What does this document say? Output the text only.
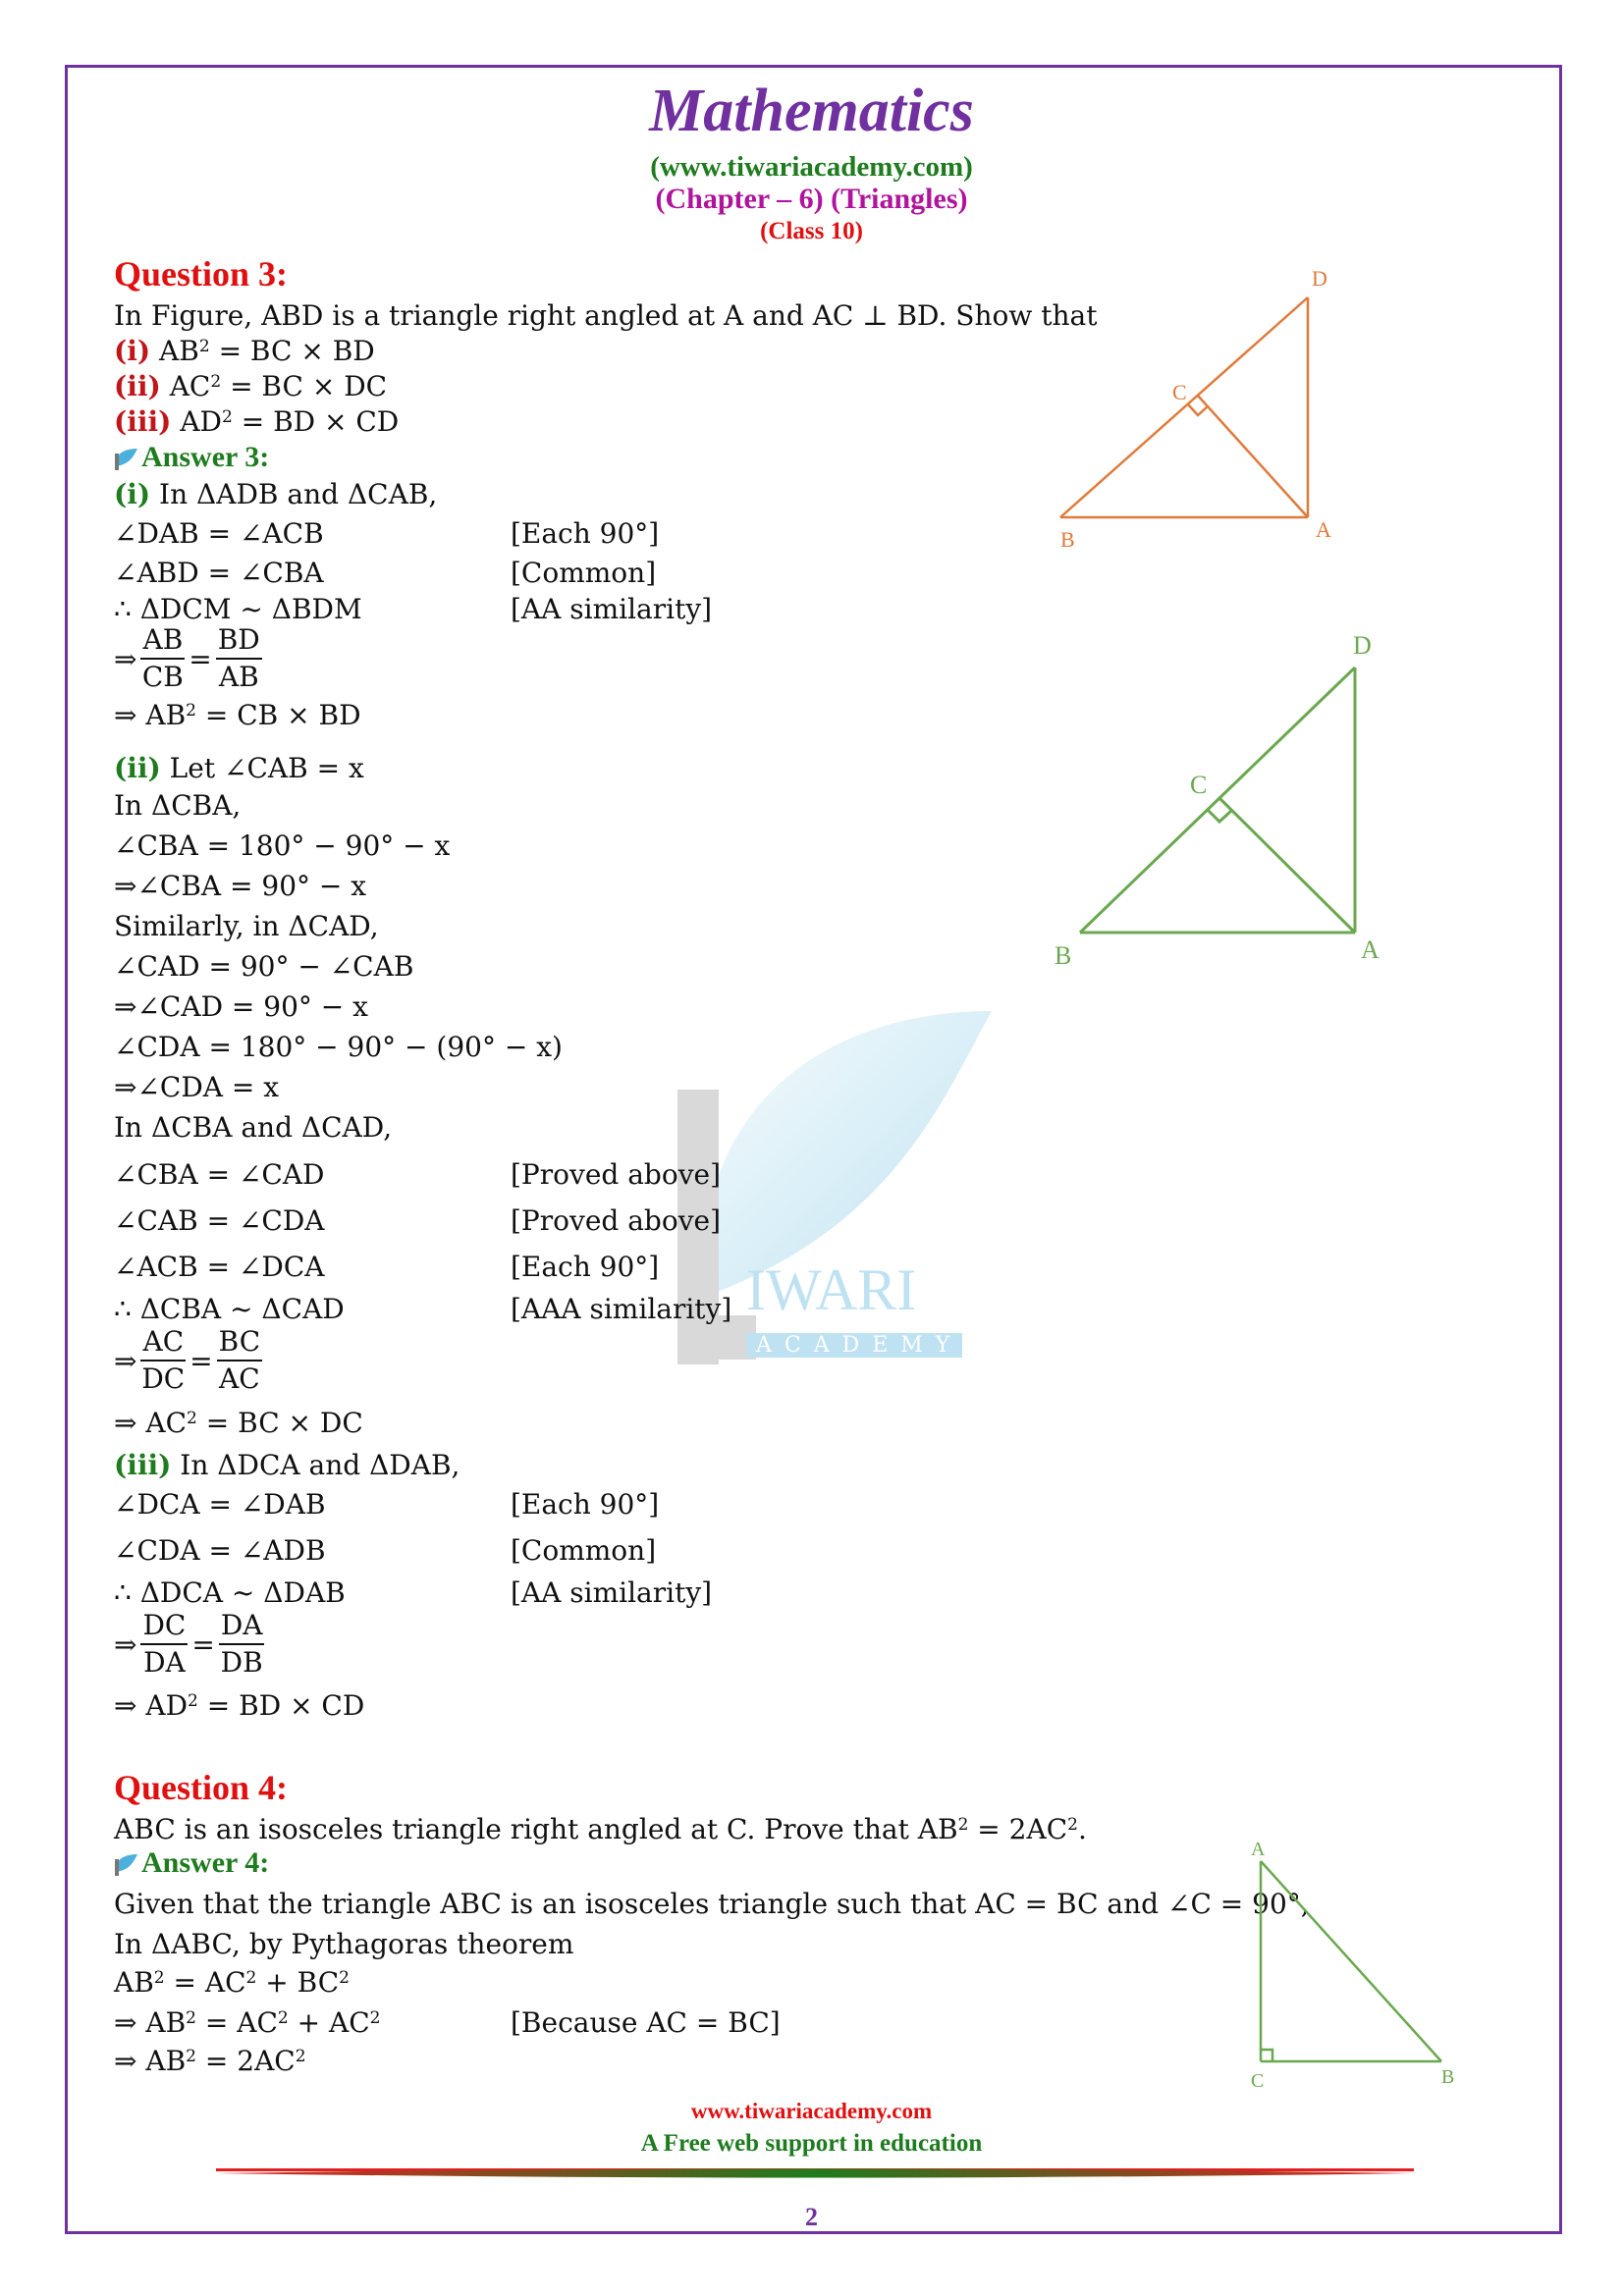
IWARI
A C A D E M Y
Mathematics
(www.tiwariacademy.com)
(Chapter – 6) (Triangles)
(Class 10)
Question 3:
In Figure, ABD is a triangle right angled at A and AC ⊥ BD. Show that
(i) $AB^2$ = BC × BD
(ii) $AC^2$ = BC × DC
(iii) $AD^2$ = BD × CD
Answer 3:
(i) In ΔADB and ΔCAB,
∠DAB = ∠ACB	[Each 90°]
∠ABD = ∠CBA	[Common]
∴ ΔDCM ~ ΔBDM	[AA similarity]
⇒ $\frac{AB}{CB} = \frac{BD}{AB}$
⇒ $AB^2$ = CB × BD
(ii) Let ∠CAB = x
In ΔCBA,
∠CBA = 180° − 90° − x
⇒∠CBA = 90° − x
Similarly, in ΔCAD,
∠CAD = 90° − ∠CAB
⇒∠CAD = 90° − x
∠CDA = 180° − 90° − (90° − x)
⇒∠CDA = x
In ΔCBA and ΔCAD,
∠CBA = ∠CAD	[Proved above]
∠CAB = ∠CDA	[Proved above]
∠ACB = ∠DCA	[Each 90°]
∴ ΔCBA ~ ΔCAD	[AAA similarity]
⇒ $\frac{AC}{DC} = \frac{BC}{AC}$
⇒ $AC^2$ = BC × DC
(iii) In ΔDCA and ΔDAB,
∠DCA = ∠DAB	[Each 90°]
∠CDA = ∠ADB	[Common]
∴ ΔDCA ~ ΔDAB	[AA similarity]
⇒ $\frac{DC}{DA} = \frac{DA}{DB}$
⇒ $AD^2$ = BD × CD
B	A
C
D
B	A
C
D
Question 4:
ABC is an isosceles triangle right angled at C. Prove that $AB^2 = 2AC^2$.
Answer 4:
Given that the triangle ABC is an isosceles triangle such that AC = BC and ∠C = 90°,
In ΔABC, by Pythagoras theorem
$AB^2 = AC^2 + BC^2$
⇒ $AB^2 = AC^2 + AC^2$	[Because AC = BC]
⇒ $AB^2 = 2AC^2$
A
C	B
www.tiwariacademy.com
A Free web support in education
2
